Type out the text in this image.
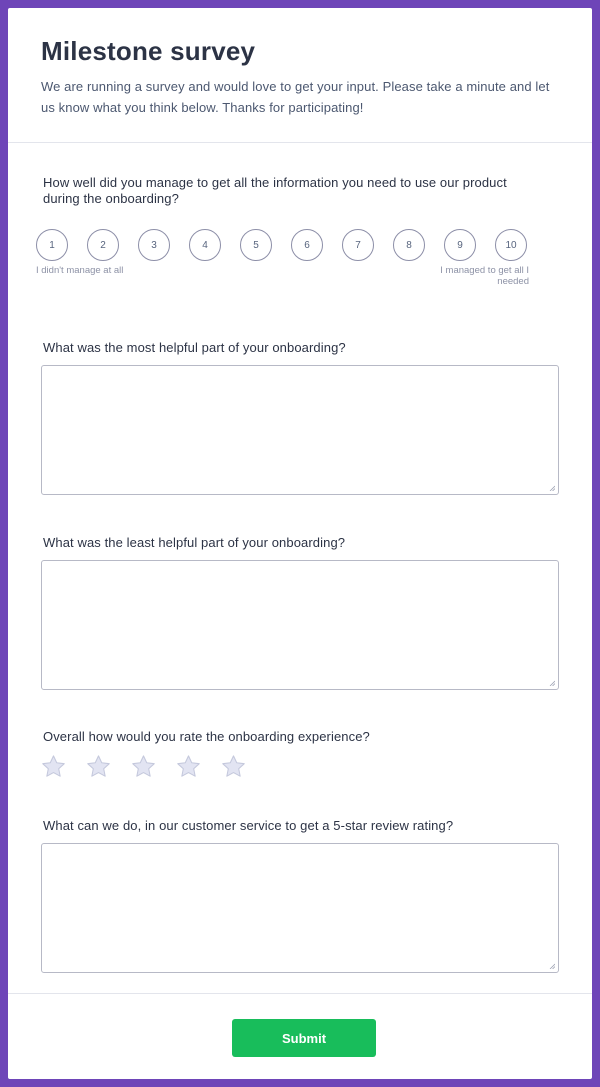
Milestone survey

We are running a survey and would love to get your input. Please take a minute and let us know what you think below. Thanks for participating!

How well did you manage to get all the information you need to use our product during the onboarding?
1	2	3	4	5	6	7	8	9	10
I didn't manage at all	I managed to get all I needed
What was the most helpful part of your onboarding?
What was the least helpful part of your onboarding?
Overall how would you rate the onboarding experience?
What can we do, in our customer service to get a 5-star review rating?
Submit
